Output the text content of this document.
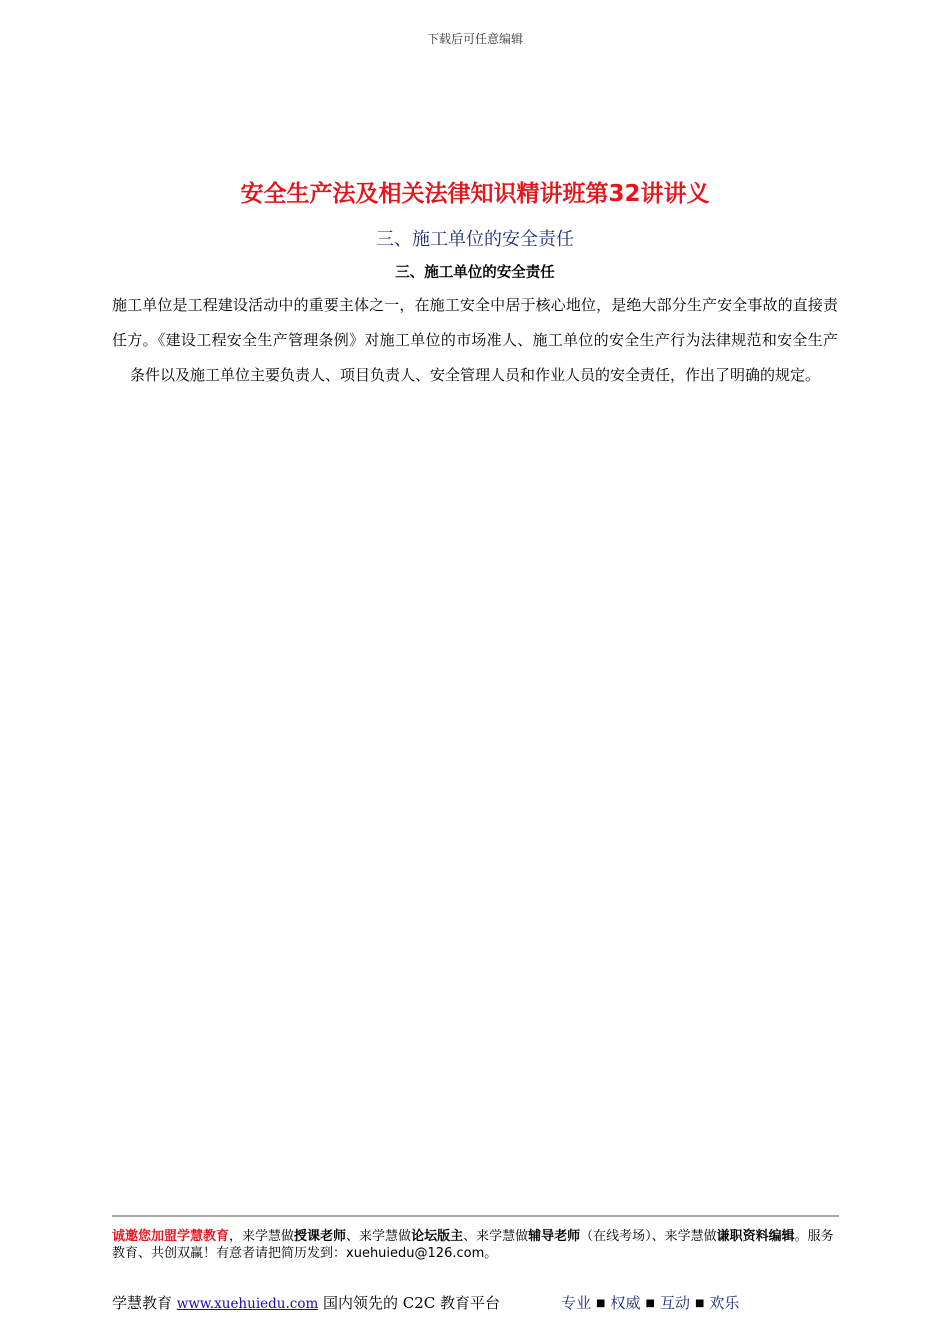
下载后可任意编辑
安全生产法及相关法律知识精讲班第32讲讲义
三、施工单位的安全责任
三、施工单位的安全责任
施工单位是工程建设活动中的重要主体之一，在施工安全中居于核心地位，是绝大部分生产安全事故的直接责任方。《建设工程安全生产管理条例》对施工单位的市场准人、施工单位的安全生产行为法律规范和安全生产条件以及施工单位主要负责人、项目负责人、安全管理人员和作业人员的安全责任，作出了明确的规定。
诚邀您加盟学慧教育，来学慧做授课老师、来学慧做论坛版主、来学慧做辅导老师（在线考场）、来学慧做谦职资料编辑。服务教育、共创双赢！有意者请把简历发到：xuehuiedu@126.com。
学慧教育 www.xuehuiedu.com 国内领先的 C2C 教育平台	专业 ■ 权威 ■ 互动 ■ 欢乐
